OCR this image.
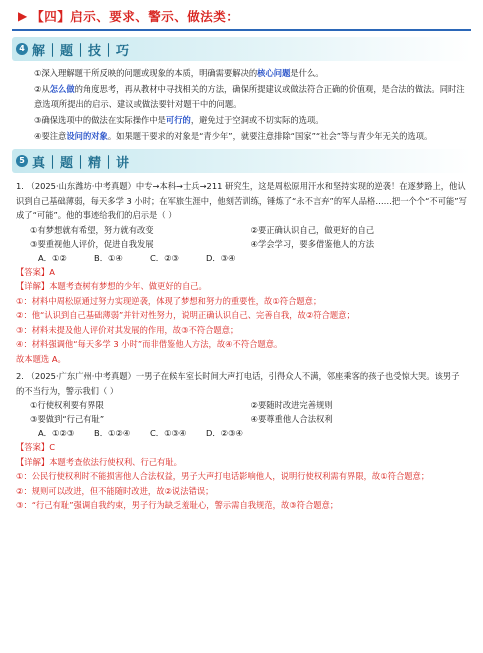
▶ 【四】启示、要求、警示、做法类：
4 解｜题｜技｜巧

①深入理解题干所反映的问题或现象的本质，明确需要解决的核心问题是什么。

②从怎么做的角度思考，再从教材中寻找相关的方法，确保所提建议或做法符合正确的价值观，是合法的做法。同时注意选项所提出的启示、建议或做法要针对题干中的问题。

③确保选项中的做法在实际操作中是可行的，避免过于空洞或不切实际的选项。

④要注意设问的对象。如果题干要求的对象是“青少年”，就要注意排除“国家”“社会”等与青少年无关的选项。

5 真｜题｜精｜讲

1. （2025·山东潍坊·中考真题）中专→本科→士兵→211 研究生，这是周松原用汗水和坚持实现的逆袭！在逐梦路上，他认识到自己基础薄弱，每天多学 3 小时；在军旅生涯中，他刻苦训练，锤炼了“永不言弃”的军人品格……把一个个“不可能”写成了“可能”。他的事迹给我们的启示是（ ）

①有梦想就有希望，努力就有改变	②要正确认识自己，做更好的自己
③要重视他人评价，促进自我发展	④学会学习，要多借鉴他人的方法
A．①②	B．①④	C．②③	D．③④

【答案】A

【详解】本题考查树有梦想的少年、做更好的自己。

①：材料中周松原通过努力实现逆袭，体现了梦想和努力的重要性，故①符合题意；

②：他“认识到自己基础薄弱”并针对性努力，说明正确认识自己、完善自我，故②符合题意；

③：材料未提及他人评价对其发展的作用，故③不符合题意；

④：材料强调他“每天多学 3 小时”而非借鉴他人方法，故④不符合题意。

故本题选 A。

2. （2025·广东广州·中考真题）一男子在候车室长时间大声打电话，引得众人不满，邻座乘客的孩子也受惊大哭。该男子的不当行为，警示我们（ ）

①行使权利要有界限	②要随时改进完善规则
③要做到“行己有耻”	④要尊重他人合法权利
A．①②③	B．①②④	C．①③④	D．②③④

【答案】C

【详解】本题考查依法行使权利、行己有耻。

①：公民行使权利时不能损害他人合法权益，男子大声打电话影响他人，说明行使权利需有界限，故①符合题意；

②：规则可以改进，但不能随时改进，故②说法错误；

③：“行己有耻”强调自我约束，男子行为缺乏羞耻心，警示需自我规范，故③符合题意；
